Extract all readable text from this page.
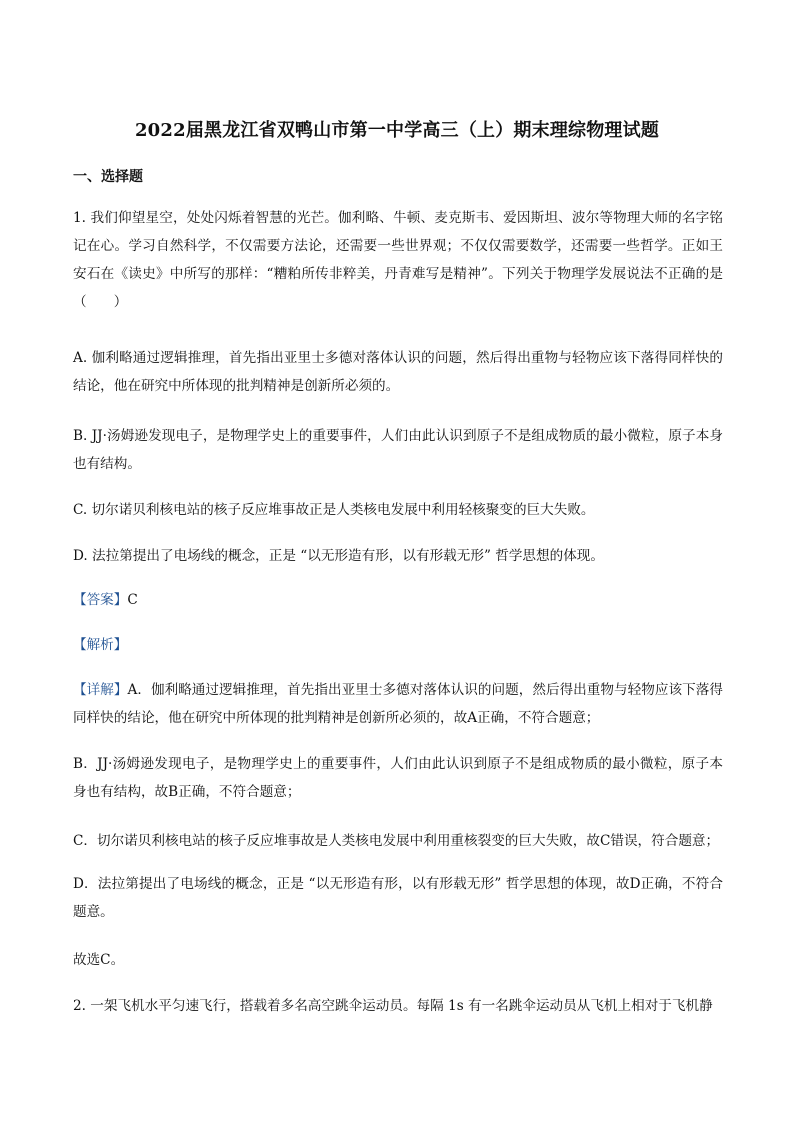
2022届黑龙江省双鸭山市第一中学高三（上）期末理综物理试题
一、选择题

1. 我们仰望星空，处处闪烁着智慧的光芒。伽利略、牛顿、麦克斯韦、爱因斯坦、波尔等物理大师的名字铭记在心。学习自然科学，不仅需要方法论，还需要一些世界观；不仅仅需要数学，还需要一些哲学。正如王安石在《读史》中所写的那样：“糟粕所传非粹美，丹青难写是精神”。下列关于物理学发展说法不正确的是（　　）

A. 伽利略通过逻辑推理，首先指出亚里士多德对落体认识的问题，然后得出重物与轻物应该下落得同样快的结论，他在研究中所体现的批判精神是创新所必须的。

B. JJ·汤姆逊发现电子，是物理学史上的重要事件，人们由此认识到原子不是组成物质的最小微粒，原子本身也有结构。

C. 切尔诺贝利核电站的核子反应堆事故正是人类核电发展中利用轻核聚变的巨大失败。

D. 法拉第提出了电场线的概念，正是 “以无形造有形，以有形载无形” 哲学思想的体现。

【答案】C

【解析】

【详解】A．伽利略通过逻辑推理，首先指出亚里士多德对落体认识的问题，然后得出重物与轻物应该下落得同样快的结论，他在研究中所体现的批判精神是创新所必须的，故A正确，不符合题意；

B．JJ·汤姆逊发现电子，是物理学史上的重要事件，人们由此认识到原子不是组成物质的最小微粒，原子本身也有结构，故B正确，不符合题意；

C．切尔诺贝利核电站的核子反应堆事故是人类核电发展中利用重核裂变的巨大失败，故C错误，符合题意；

D．法拉第提出了电场线的概念，正是 “以无形造有形，以有形载无形” 哲学思想的体现，故D正确，不符合题意。

故选C。

2. 一架飞机水平匀速飞行，搭载着多名高空跳伞运动员。每隔 1s 有一名跳伞运动员从飞机上相对于飞机静
